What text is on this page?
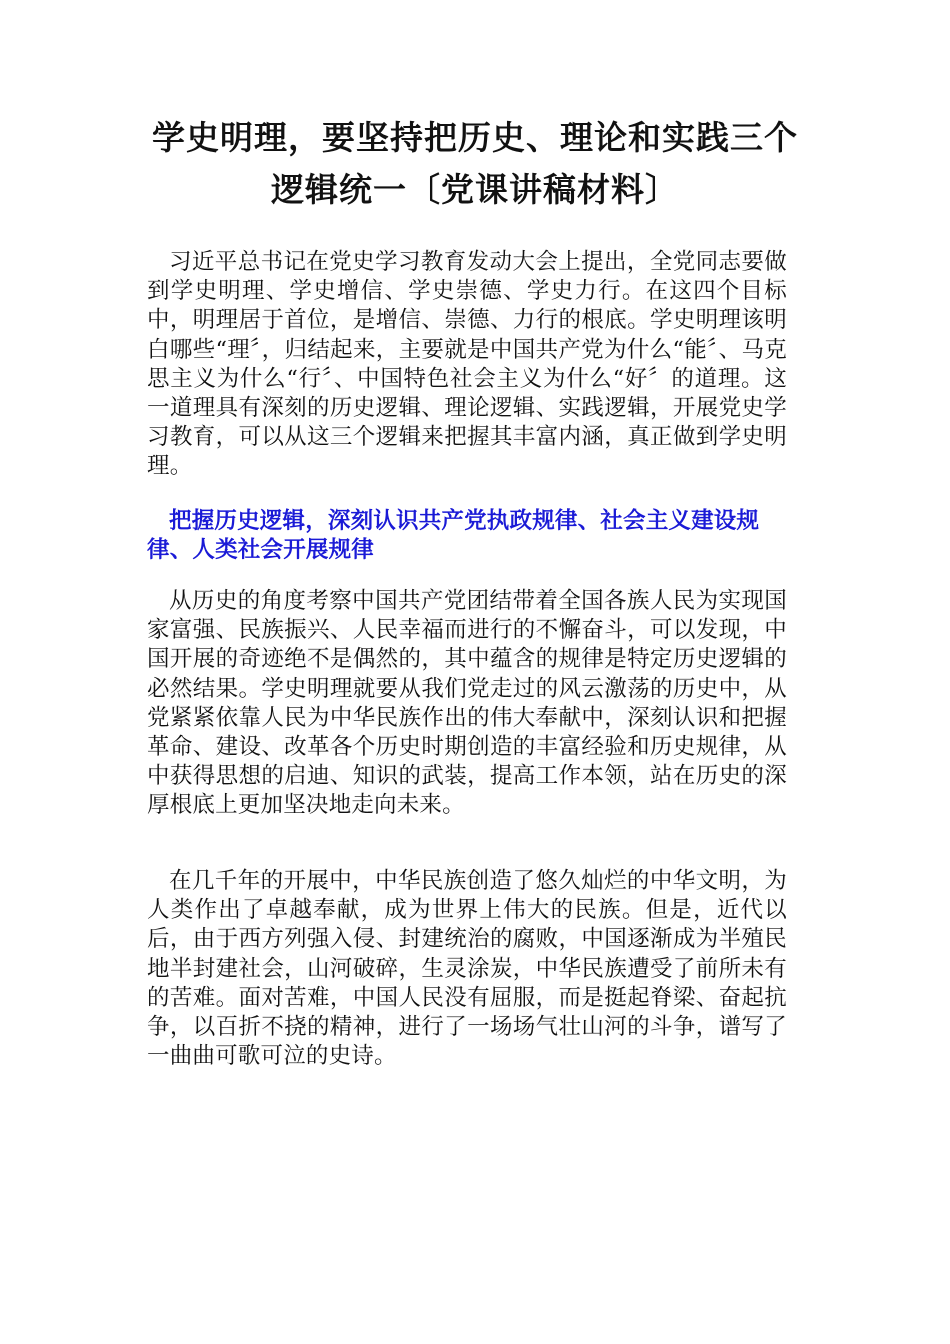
学史明理，要坚持把历史、理论和实践三个逻辑统一〔党课讲稿材料〕

习近平总书记在党史学习教育发动大会上提出，全党同志要做到学史明理、学史增信、学史崇德、学史力行。在这四个目标中，明理居于首位，是增信、崇德、力行的根底。学史明理该明白哪些“理〞，归结起来，主要就是中国共产党为什么“能〞、马克思主义为什么“行〞、中国特色社会主义为什么“好〞的道理。这一道理具有深刻的历史逻辑、理论逻辑、实践逻辑，开展党史学习教育，可以从这三个逻辑来把握其丰富内涵，真正做到学史明理。

把握历史逻辑，深刻认识共产党执政规律、社会主义建设规律、人类社会开展规律

从历史的角度考察中国共产党团结带着全国各族人民为实现国家富强、民族振兴、人民幸福而进行的不懈奋斗，可以发现，中国开展的奇迹绝不是偶然的，其中蕴含的规律是特定历史逻辑的必然结果。学史明理就要从我们党走过的风云激荡的历史中，从党紧紧依靠人民为中华民族作出的伟大奉献中，深刻认识和把握革命、建设、改革各个历史时期创造的丰富经验和历史规律，从中获得思想的启迪、知识的武装，提高工作本领，站在历史的深厚根底上更加坚决地走向未来。

在几千年的开展中，中华民族创造了悠久灿烂的中华文明，为人类作出了卓越奉献，成为世界上伟大的民族。但是，近代以后，由于西方列强入侵、封建统治的腐败，中国逐渐成为半殖民地半封建社会，山河破碎，生灵涂炭，中华民族遭受了前所未有的苦难。面对苦难，中国人民没有屈服，而是挺起脊梁、奋起抗争，以百折不挠的精神，进行了一场场气壮山河的斗争，谱写了一曲曲可歌可泣的史诗。
